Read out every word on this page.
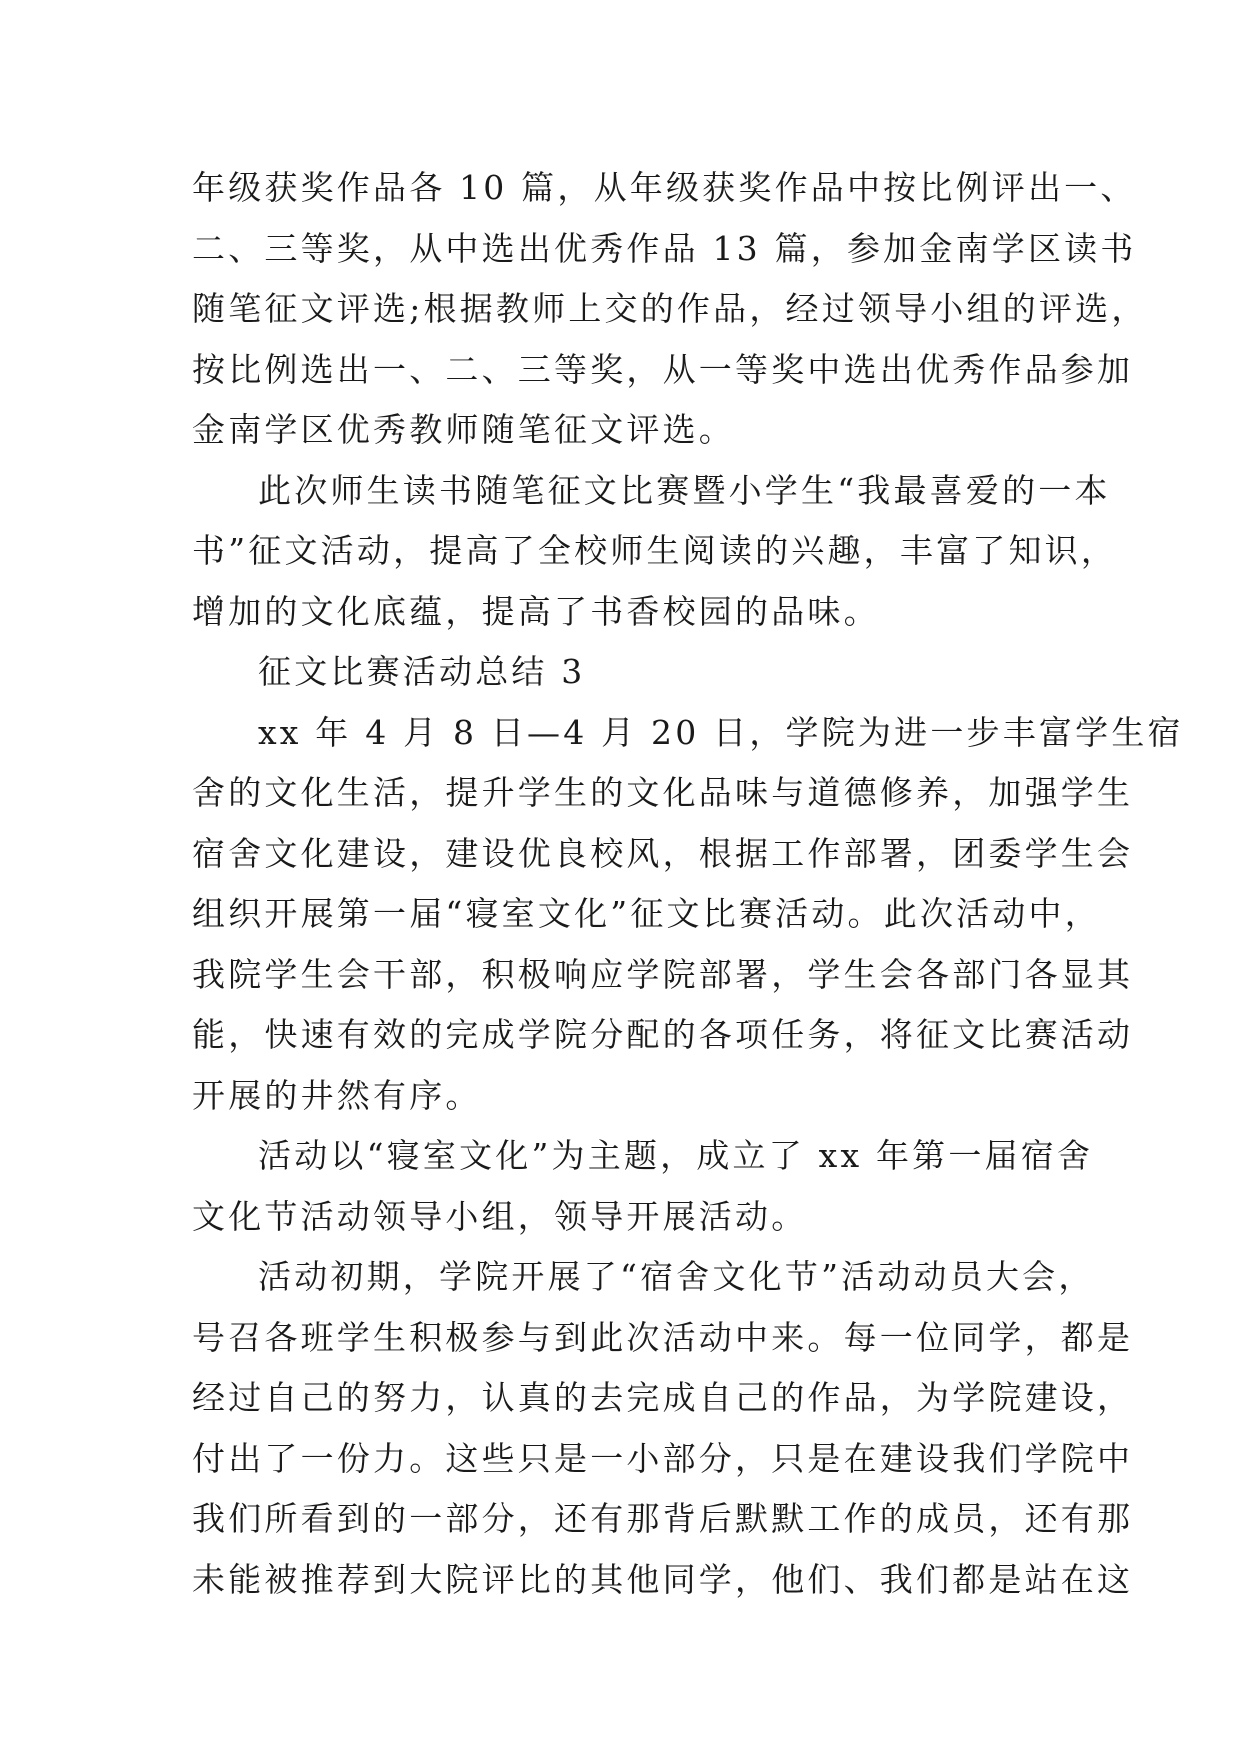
年级获奖作品各 10 篇，从年级获奖作品中按比例评出一、
二、三等奖，从中选出优秀作品 13 篇，参加金南学区读书
随笔征文评选;根据教师上交的作品，经过领导小组的评选，
按比例选出一、二、三等奖，从一等奖中选出优秀作品参加
金南学区优秀教师随笔征文评选。
此次师生读书随笔征文比赛暨小学生“我最喜爱的一本
书”征文活动，提高了全校师生阅读的兴趣，丰富了知识，
增加的文化底蕴，提高了书香校园的品味。
征文比赛活动总结 3
xx 年 4 月 8 日—4 月 20 日，学院为进一步丰富学生宿
舍的文化生活，提升学生的文化品味与道德修养，加强学生
宿舍文化建设，建设优良校风，根据工作部署，团委学生会
组织开展第一届“寝室文化”征文比赛活动。此次活动中，
我院学生会干部，积极响应学院部署，学生会各部门各显其
能，快速有效的完成学院分配的各项任务，将征文比赛活动
开展的井然有序。
活动以“寝室文化”为主题，成立了 xx 年第一届宿舍
文化节活动领导小组，领导开展活动。
活动初期，学院开展了“宿舍文化节”活动动员大会，
号召各班学生积极参与到此次活动中来。每一位同学，都是
经过自己的努力，认真的去完成自己的作品，为学院建设，
付出了一份力。这些只是一小部分，只是在建设我们学院中
我们所看到的一部分，还有那背后默默工作的成员，还有那
未能被推荐到大院评比的其他同学，他们、我们都是站在这
